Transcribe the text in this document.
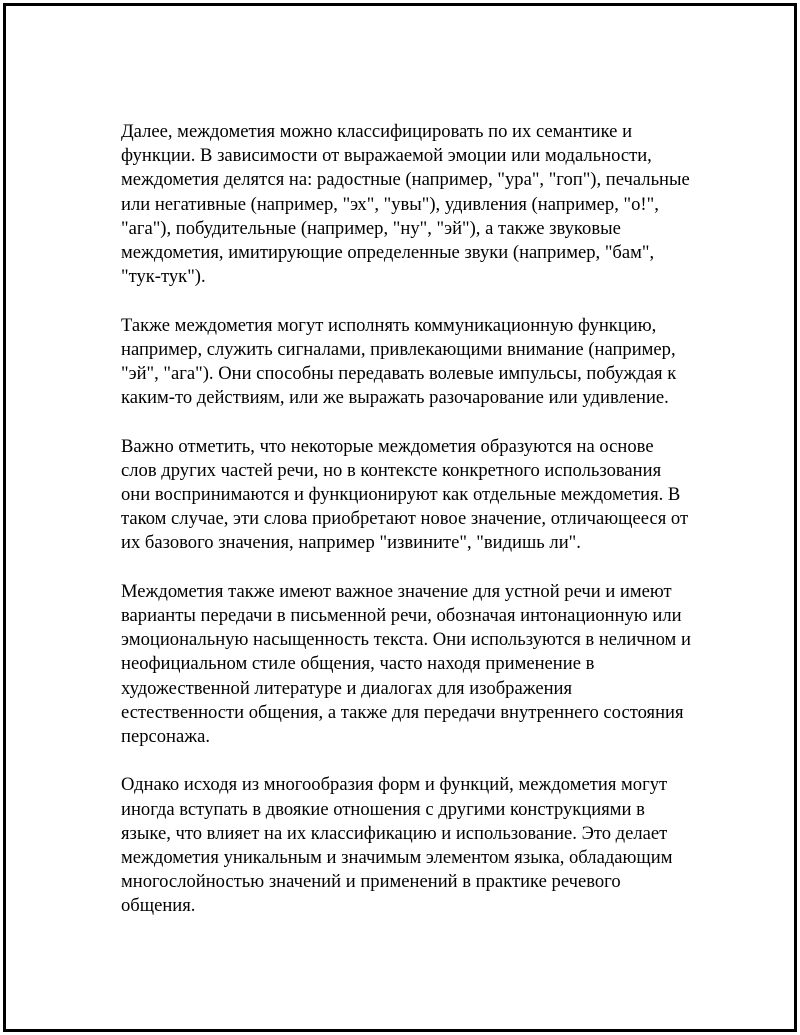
Далее, междометия можно классифицировать по их семантике и
функции. В зависимости от выражаемой эмоции или модальности,
междометия делятся на: радостные (например, "ура", "гоп"), печальные
или негативные (например, "эх", "увы"), удивления (например, "о!",
"ага"), побудительные (например, "ну", "эй"), а также звуковые
междометия, имитирующие определенные звуки (например, "бам",
"тук-тук").

Также междометия могут исполнять коммуникационную функцию,
например, служить сигналами, привлекающими внимание (например,
"эй", "ага"). Они способны передавать волевые импульсы, побуждая к
каким-то действиям, или же выражать разочарование или удивление.

Важно отметить, что некоторые междометия образуются на основе
слов других частей речи, но в контексте конкретного использования
они воспринимаются и функционируют как отдельные междометия. В
таком случае, эти слова приобретают новое значение, отличающееся от
их базового значения, например "извините", "видишь ли".

Междометия также имеют важное значение для устной речи и имеют
варианты передачи в письменной речи, обозначая интонационную или
эмоциональную насыщенность текста. Они используются в неличном и
неофициальном стиле общения, часто находя применение в
художественной литературе и диалогах для изображения
естественности общения, а также для передачи внутреннего состояния
персонажа.

Однако исходя из многообразия форм и функций, междометия могут
иногда вступать в двоякие отношения с другими конструкциями в
языке, что влияет на их классификацию и использование. Это делает
междометия уникальным и значимым элементом языка, обладающим
многослойностью значений и применений в практике речевого
общения.
